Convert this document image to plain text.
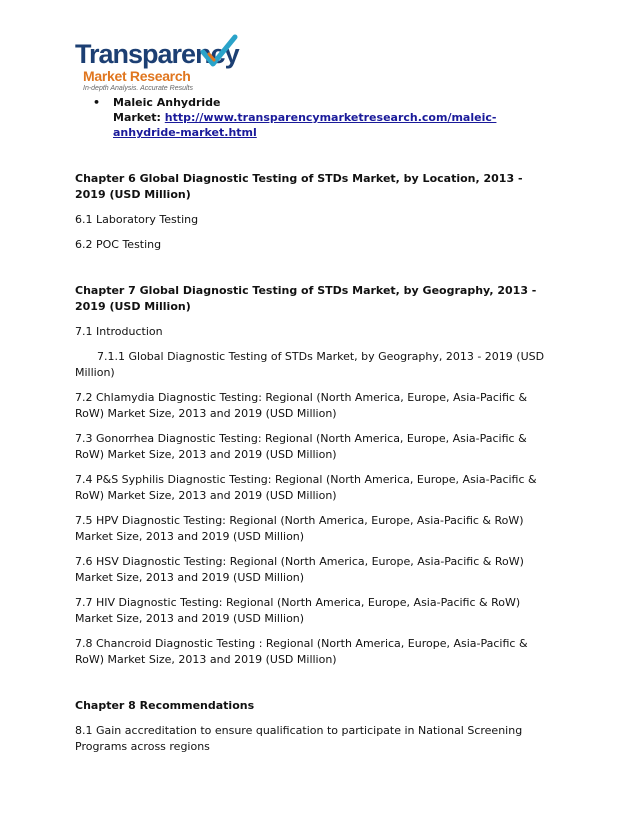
Transparency
Market Research
In-depth Analysis. Accurate Results
• Maleic Anhydride
Market: http://www.transparencymarketresearch.com/maleic-anhydride-market.html

Chapter 6 Global Diagnostic Testing of STDs Market, by Location, 2013 - 2019 (USD Million)

6.1 Laboratory Testing

6.2 POC Testing

Chapter 7 Global Diagnostic Testing of STDs Market, by Geography, 2013 - 2019 (USD Million)

7.1 Introduction

7.1.1 Global Diagnostic Testing of STDs Market, by Geography, 2013 - 2019 (USD Million)

7.2 Chlamydia Diagnostic Testing: Regional (North America, Europe, Asia-Pacific & RoW) Market Size, 2013 and 2019 (USD Million)

7.3 Gonorrhea Diagnostic Testing: Regional (North America, Europe, Asia-Pacific & RoW) Market Size, 2013 and 2019 (USD Million)

7.4 P&S Syphilis Diagnostic Testing: Regional (North America, Europe, Asia-Pacific & RoW) Market Size, 2013 and 2019 (USD Million)

7.5 HPV Diagnostic Testing: Regional (North America, Europe, Asia-Pacific & RoW) Market Size, 2013 and 2019 (USD Million)

7.6 HSV Diagnostic Testing: Regional (North America, Europe, Asia-Pacific & RoW) Market Size, 2013 and 2019 (USD Million)

7.7 HIV Diagnostic Testing: Regional (North America, Europe, Asia-Pacific & RoW) Market Size, 2013 and 2019 (USD Million)

7.8 Chancroid Diagnostic Testing : Regional (North America, Europe, Asia-Pacific & RoW) Market Size, 2013 and 2019 (USD Million)

Chapter 8 Recommendations

8.1 Gain accreditation to ensure qualification to participate in National Screening Programs across regions
